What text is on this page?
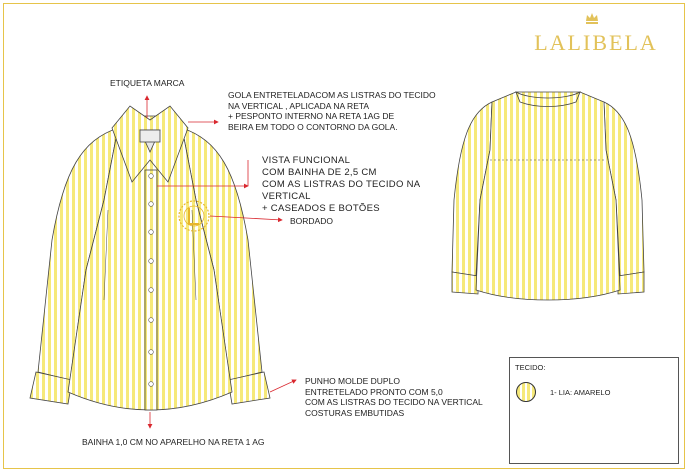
LALIBELA
ETIQUETA MARCA
GOLA ENTRETELADACOM AS LISTRAS DO TECIDO
NA VERTICAL , APLICADA NA RETA
+ PESPONTO INTERNO NA RETA 1AG DE
BEIRA EM TODO O CONTORNO DA GOLA.
VISTA FUNCIONAL
COM BAINHA DE 2,5 CM
COM AS LISTRAS DO TECIDO NA VERTICAL
+ CASEADOS E BOTÕES
BORDADO
PUNHO MOLDE DUPLO
ENTRETELADO PRONTO COM 5,0
COM AS LISTRAS DO TECIDO NA VERTICAL
COSTURAS EMBUTIDAS
BAINHA 1,0 CM NO APARELHO NA RETA 1 AG
TECIDO:
1- LIA: AMARELO
